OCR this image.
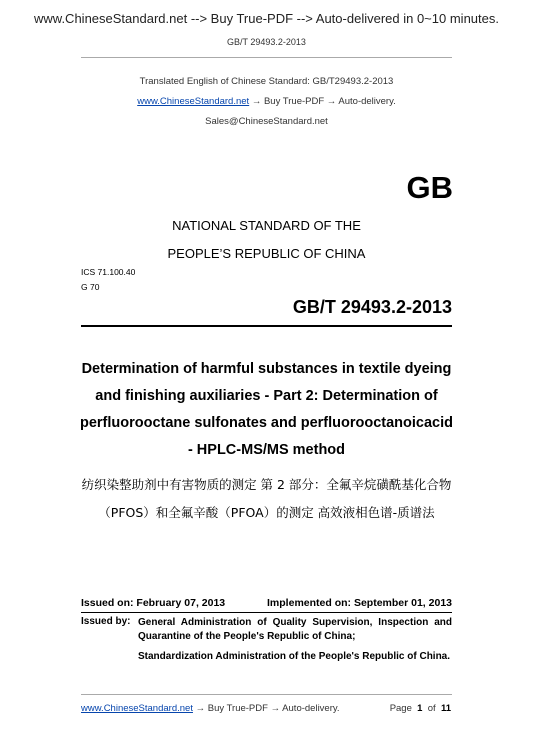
www.ChineseStandard.net --> Buy True-PDF --> Auto-delivered in 0~10 minutes.
GB/T 29493.2-2013
Translated English of Chinese Standard: GB/T29493.2-2013
www.ChineseStandard.net → Buy True-PDF → Auto-delivery.
Sales@ChineseStandard.net
GB
NATIONAL STANDARD OF THE
PEOPLE’S REPUBLIC OF CHINA
ICS 71.100.40
G 70
GB/T 29493.2-2013
Determination of harmful substances in textile dyeing
and finishing auxiliaries - Part 2: Determination of
perfluorooctane sulfonates and perfluorooctanoicacid
- HPLC-MS/MS method
纺织染整助剂中有害物质的测定 第 2 部分：全氟辛烷磺酰基化合物
（PFOS）和全氟辛酸（PFOA）的测定 高效液相色谱-质谱法
Issued on: February 07, 2013	Implemented on: September 01, 2013
Issued by: General Administration of Quality Supervision, Inspection and Quarantine of the People's Republic of China;
Standardization Administration of the People's Republic of China.
www.ChineseStandard.net → Buy True-PDF → Auto-delivery.	Page 1 of 11
